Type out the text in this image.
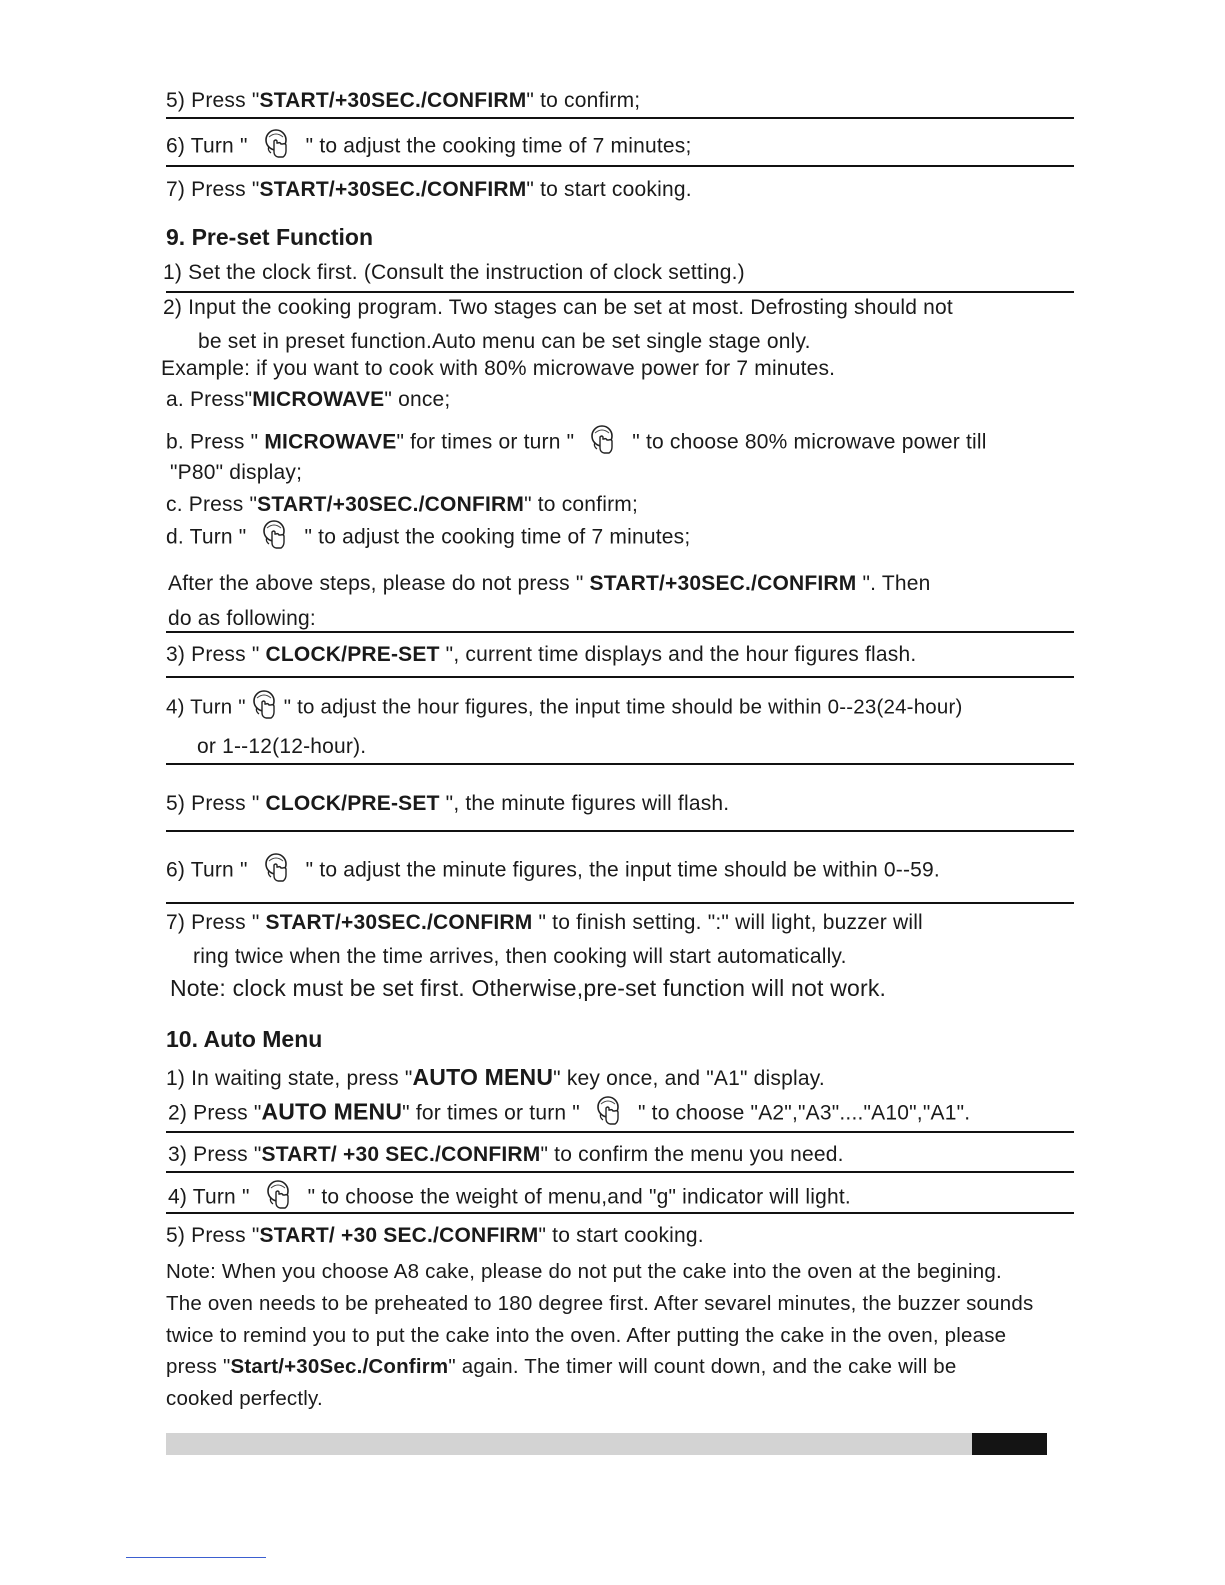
5) Press "START/+30SEC./CONFIRM" to confirm;
6) Turn "	" to adjust the cooking time of 7 minutes;
7) Press "START/+30SEC./CONFIRM" to start cooking.
9. Pre-set Function
1) Set the clock first. (Consult the instruction of clock setting.)
2) Input the cooking program. Two stages can be set at most. Defrosting should not
be set in preset function.Auto menu can be set single stage only.
Example: if you want to cook with 80% microwave power for 7 minutes.
a. Press"MICROWAVE" once;
b. Press " MICROWAVE" for times or turn "	" to choose 80% microwave power till
"P80" display;
c. Press "START/+30SEC./CONFIRM" to confirm;
d. Turn "	" to adjust the cooking time of 7 minutes;
After the above steps, please do not press " START/+30SEC./CONFIRM ". Then
do as following:
3) Press " CLOCK/PRE-SET ", current time displays and the hour figures flash.
4) Turn " " to adjust the hour figures, the input time should be within 0--23(24-hour)
or 1--12(12-hour).
5) Press " CLOCK/PRE-SET ", the minute figures will flash.
6) Turn "	" to adjust the minute figures, the input time should be within 0--59.
7) Press " START/+30SEC./CONFIRM " to finish setting. ":" will light, buzzer will
ring twice when the time arrives, then cooking will start automatically.
Note: clock must be set first. Otherwise,pre-set function will not work.
10. Auto Menu
1) In waiting state, press "AUTO MENU" key once, and "A1" display.
2) Press "AUTO MENU" for times or turn "	" to choose "A2","A3"...."A10","A1".
3) Press "START/ +30 SEC./CONFIRM" to confirm the menu you need.
4) Turn "	" to choose the weight of menu,and "g" indicator will light.
5) Press "START/ +30 SEC./CONFIRM" to start cooking.
Note: When you choose A8 cake, please do not put the cake into the oven at the begining.
The oven needs to be preheated to 180 degree first. After sevarel minutes, the buzzer sounds
twice to remind you to put the cake into the oven. After putting the cake in the oven, please
press "Start/+30Sec./Confirm" again. The timer will count down, and the cake will be
cooked perfectly.
